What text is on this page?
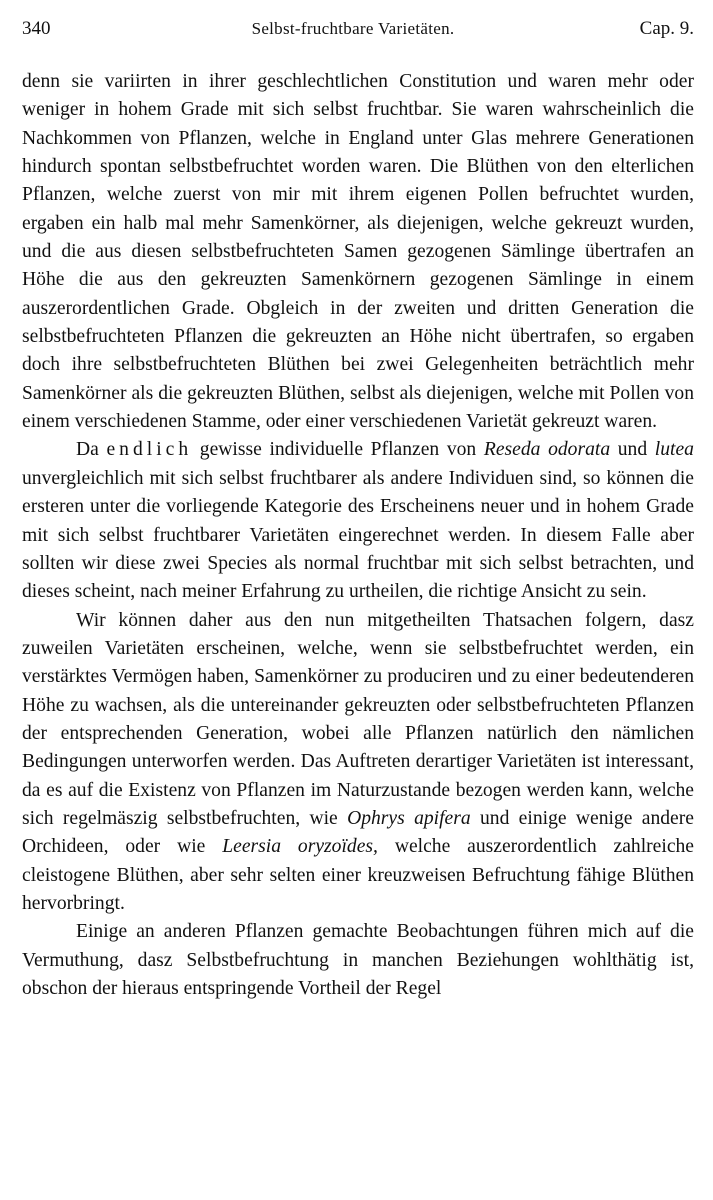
340	Selbst-fruchtbare Varietäten.	Cap. 9.

denn sie variirten in ihrer geschlechtlichen Constitution und waren mehr oder weniger in hohem Grade mit sich selbst fruchtbar. Sie waren wahrscheinlich die Nachkommen von Pflanzen, welche in England unter Glas mehrere Generationen hindurch spontan selbstbefruchtet worden waren. Die Blüthen von den elterlichen Pflanzen, welche zuerst von mir mit ihrem eigenen Pollen befruchtet wurden, ergaben ein halb mal mehr Samenkörner, als diejenigen, welche gekreuzt wurden, und die aus diesen selbstbefruchteten Samen gezogenen Sämlinge übertrafen an Höhe die aus den gekreuzten Samenkörnern gezogenen Sämlinge in einem auszerordentlichen Grade. Obgleich in der zweiten und dritten Generation die selbstbefruchteten Pflanzen die gekreuzten an Höhe nicht übertrafen, so ergaben doch ihre selbstbefruchteten Blüthen bei zwei Gelegenheiten beträchtlich mehr Samenkörner als die gekreuzten Blüthen, selbst als diejenigen, welche mit Pollen von einem verschiedenen Stamme, oder einer verschiedenen Varietät gekreuzt waren.

Da endlich gewisse individuelle Pflanzen von Reseda odorata und lutea unvergleichlich mit sich selbst fruchtbarer als andere Individuen sind, so können die ersteren unter die vorliegende Kategorie des Erscheinens neuer und in hohem Grade mit sich selbst fruchtbarer Varietäten eingerechnet werden. In diesem Falle aber sollten wir diese zwei Species als normal fruchtbar mit sich selbst betrachten, und dieses scheint, nach meiner Erfahrung zu urtheilen, die richtige Ansicht zu sein.

Wir können daher aus den nun mitgetheilten Thatsachen folgern, dasz zuweilen Varietäten erscheinen, welche, wenn sie selbstbefruchtet werden, ein verstärktes Vermögen haben, Samenkörner zu produciren und zu einer bedeutenderen Höhe zu wachsen, als die untereinander gekreuzten oder selbstbefruchteten Pflanzen der entsprechenden Generation, wobei alle Pflanzen natürlich den nämlichen Bedingungen unterworfen werden. Das Auftreten derartiger Varietäten ist interessant, da es auf die Existenz von Pflanzen im Naturzustande bezogen werden kann, welche sich regelmäszig selbstbefruchten, wie Ophrys apifera und einige wenige andere Orchideen, oder wie Leersia oryzoïdes, welche auszerordentlich zahlreiche cleistogene Blüthen, aber sehr selten einer kreuzweisen Befruchtung fähige Blüthen hervorbringt.

Einige an anderen Pflanzen gemachte Beobachtungen führen mich auf die Vermuthung, dasz Selbstbefruchtung in manchen Beziehungen wohlthätig ist, obschon der hieraus entspringende Vortheil der Regel
